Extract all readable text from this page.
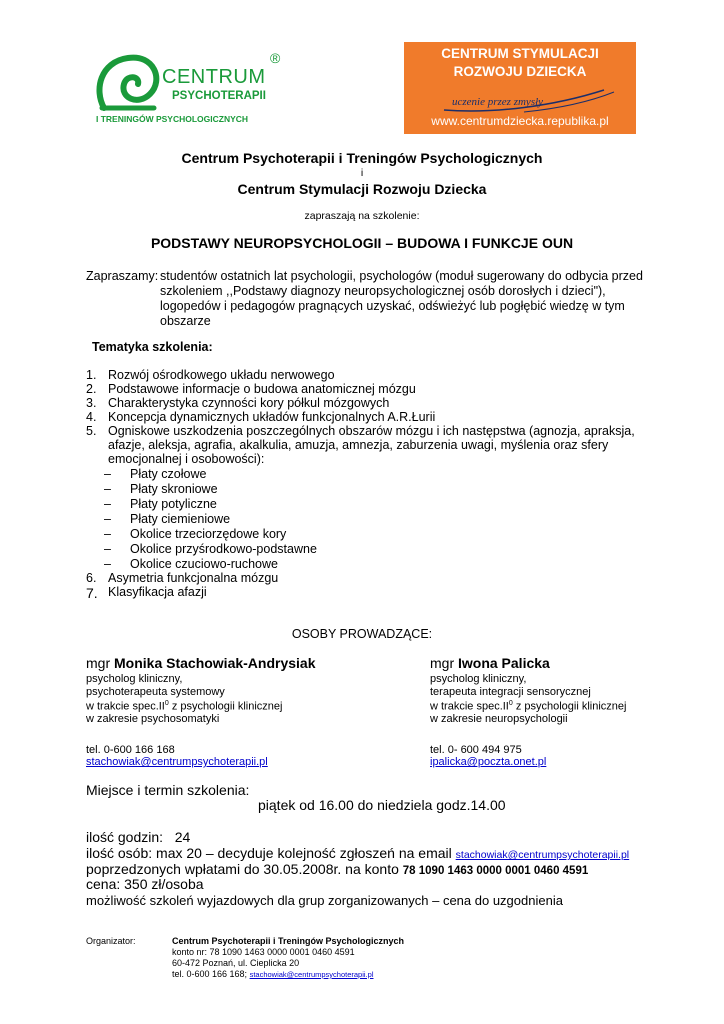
CENTRUM
PSYCHOTERAPII
I TRENINGÓW PSYCHOLOGICZNYCH
®	CENTRUM STYMULACJI
ROZWOJU DZIECKA
uczenie przez zmysły
www.centrumdziecka.republika.pl
Centrum Psychoterapii i Treningów Psychologicznych
i
Centrum Stymulacji Rozwoju Dziecka
zapraszają na szkolenie:
PODSTAWY NEUROPSYCHOLOGII – BUDOWA I FUNKCJE OUN
Zapraszamy: studentów ostatnich lat psychologii, psychologów (moduł sugerowany do odbycia przed
szkoleniem ,,Podstawy diagnozy neuropsychologicznej osób dorosłych i dzieci"),
logopedów i pedagogów pragnących uzyskać, odświeżyć lub pogłębić wiedzę w tym
obszarze
Tematyka szkolenia:
1. Rozwój ośrodkowego układu nerwowego
2. Podstawowe informacje o budowa anatomicznej mózgu
3. Charakterystyka czynności kory półkul mózgowych
4. Koncepcja dynamicznych układów funkcjonalnych A.R.Łurii
5. Ogniskowe uszkodzenia poszczególnych obszarów mózgu i ich następstwa (agnozja, apraksja,
afazje, aleksja, agrafia, akalkulia, amuzja, amnezja, zaburzenia uwagi, myślenia oraz sfery
emocjonalnej i osobowości):
– Płaty czołowe
– Płaty skroniowe
– Płaty potyliczne
– Płaty ciemieniowe
– Okolice trzeciorzędowe kory
– Okolice przyśrodkowo-podstawne
– Okolice czuciowo-ruchowe
6. Asymetria funkcjonalna mózgu
7. Klasyfikacja afazji
OSOBY PROWADZĄCE:
mgr Monika Stachowiak-Andrysiak
psycholog kliniczny,
psychoterapeuta systemowy
w trakcie $spec.II^0$ z psychologii klinicznej
w zakresie psychosomatyki
tel. 0-600 166 168
stachowiak@centrumpsychoterapii.pl
mgr Iwona Palicka
psycholog kliniczny,
terapeuta integracji sensorycznej
w trakcie $spec.II^0$ z psychologii klinicznej
w zakresie neuropsychologii
tel. 0- 600 494 975
ipalicka@poczta.onet.pl
Miejsce i termin szkolenia:
piątek od 16.00 do niedziela godz.14.00
ilość godzin:   24
ilość osób: max 20 – decyduje kolejność zgłoszeń na email stachowiak@centrumpsychoterapii.pl
poprzedzonych wpłatami do 30.05.2008r. na konto 78 1090 1463 0000 0001 0460 4591
cena: 350 zł/osoba
możliwość szkoleń wyjazdowych dla grup zorganizowanych – cena do uzgodnienia
Organizator:	Centrum Psychoterapii i Treningów Psychologicznych
konto nr: 78 1090 1463 0000 0001 0460 4591
60-472 Poznań, ul. Cieplicka 20
tel. 0-600 166 168; stachowiak@centrumpsychoterapii.pl
